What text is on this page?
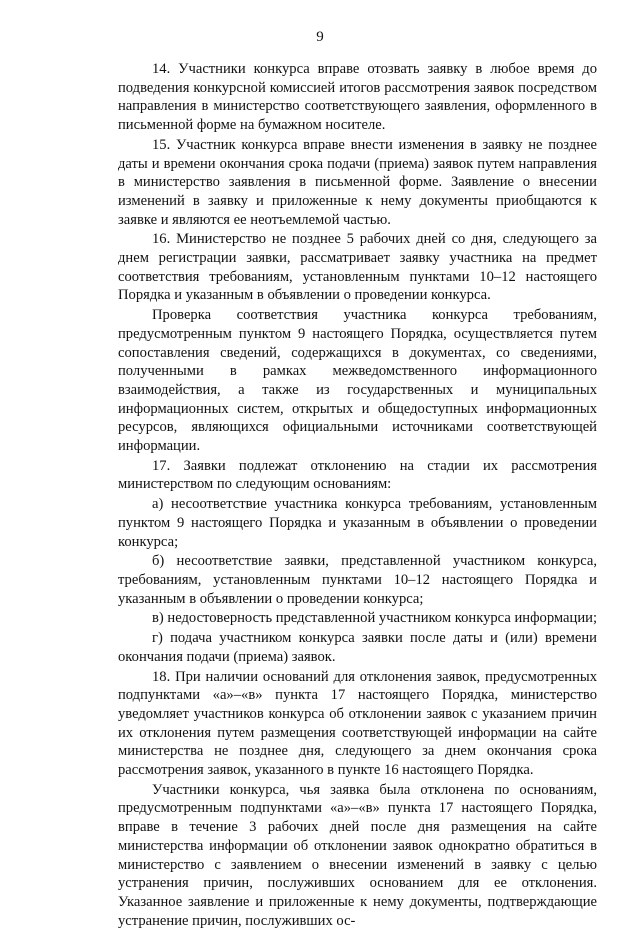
9

14. Участники конкурса вправе отозвать заявку в любое время до подведения конкурсной комиссией итогов рассмотрения заявок посредством направления в министерство соответствующего заявления, оформленного в письменной форме на бумажном носителе.

15. Участник конкурса вправе внести изменения в заявку не позднее даты и времени окончания срока подачи (приема) заявок путем направления в министерство заявления в письменной форме. Заявление о внесении изменений в заявку и приложенные к нему документы приобщаются к заявке и являются ее неотъемлемой частью.

16. Министерство не позднее 5 рабочих дней со дня, следующего за днем регистрации заявки, рассматривает заявку участника на предмет соответствия требованиям, установленным пунктами 10–12 настоящего Порядка и указанным в объявлении о проведении конкурса.

Проверка соответствия участника конкурса требованиям, предусмотренным пунктом 9 настоящего Порядка, осуществляется путем сопоставления сведений, содержащихся в документах, со сведениями, полученными в рамках межведомственного информационного взаимодействия, а также из государственных и муниципальных информационных систем, открытых и общедоступных информационных ресурсов, являющихся официальными источниками соответствующей информации.

17. Заявки подлежат отклонению на стадии их рассмотрения министерством по следующим основаниям:

а) несоответствие участника конкурса требованиям, установленным пунктом 9 настоящего Порядка и указанным в объявлении о проведении конкурса;

б) несоответствие заявки, представленной участником конкурса, требованиям, установленным пунктами 10–12 настоящего Порядка и указанным в объявлении о проведении конкурса;

в) недостоверность представленной участником конкурса информации;

г) подача участником конкурса заявки после даты и (или) времени окончания подачи (приема) заявок.

18. При наличии оснований для отклонения заявок, предусмотренных подпунктами «а»–«в» пункта 17 настоящего Порядка, министерство уведомляет участников конкурса об отклонении заявок с указанием причин их отклонения путем размещения соответствующей информации на сайте министерства не позднее дня, следующего за днем окончания срока рассмотрения заявок, указанного в пункте 16 настоящего Порядка.

Участники конкурса, чья заявка была отклонена по основаниям, предусмотренным подпунктами «а»–«в» пункта 17 настоящего Порядка, вправе в течение 3 рабочих дней после дня размещения на сайте министерства информации об отклонении заявок однократно обратиться в министерство с заявлением о внесении изменений в заявку с целью устранения причин, послуживших основанием для ее отклонения. Указанное заявление и приложенные к нему документы, подтверждающие устранение причин, послуживших ос-
